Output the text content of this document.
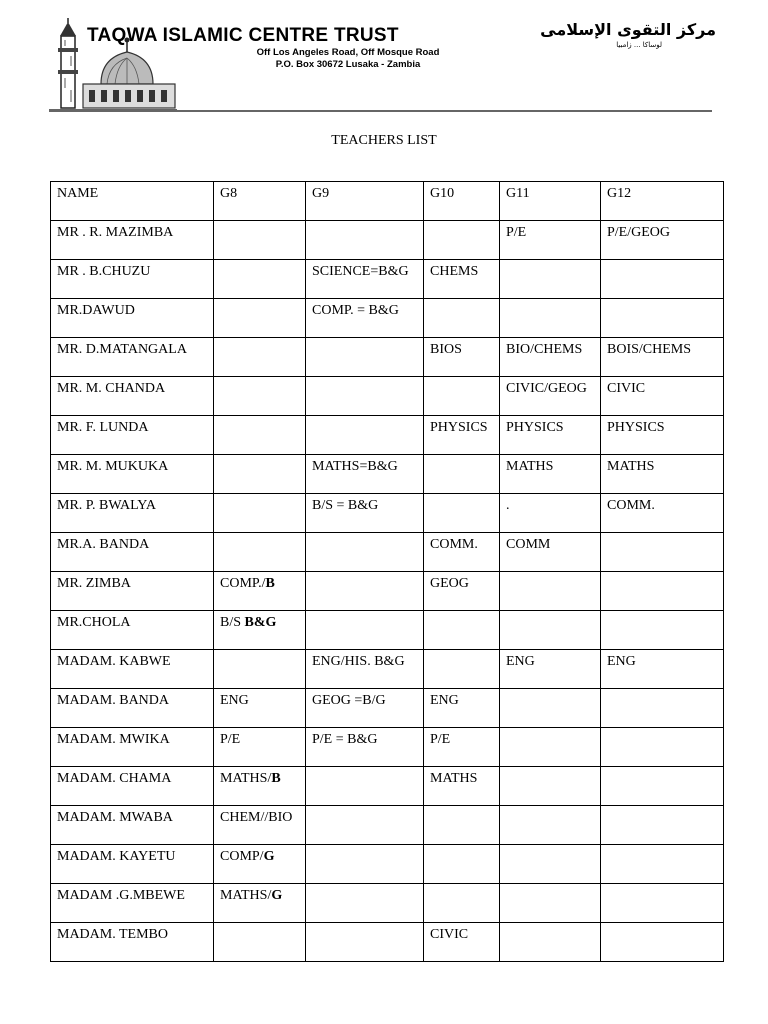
TAQWA ISLAMIC CENTRE TRUST	مركز التقوى الإسلامى
لوساكا ... زامبيا
Off Los Angeles Road, Off Mosque Road
P.O. Box 30672 Lusaka - Zambia
TEACHERS LIST
NAME	G8	G9	G10	G11	G12
MR . R. MAZIMBA				P/E	P/E/GEOG
MR . B.CHUZU		SCIENCE=B&G	CHEMS		
MR.DAWUD		COMP. = B&G			
MR. D.MATANGALA			BIOS	BIO/CHEMS	BOIS/CHEMS
MR. M. CHANDA				CIVIC/GEOG	CIVIC
MR. F. LUNDA			PHYSICS	PHYSICS	PHYSICS
MR. M. MUKUKA		MATHS=B&G		MATHS	MATHS
MR. P. BWALYA		B/S = B&G		.	COMM.
MR.A. BANDA			COMM.	COMM	
MR. ZIMBA	COMP./B		GEOG		
MR.CHOLA	B/S B&G				
MADAM. KABWE		ENG/HIS. B&G		ENG	ENG
MADAM. BANDA	ENG	GEOG =B/G	ENG		
MADAM. MWIKA	P/E	P/E = B&G	P/E		
MADAM. CHAMA	MATHS/B		MATHS		
MADAM. MWABA	CHEM//BIO				
MADAM. KAYETU	COMP/G				
MADAM .G.MBEWE	MATHS/G				
MADAM. TEMBO			CIVIC		
